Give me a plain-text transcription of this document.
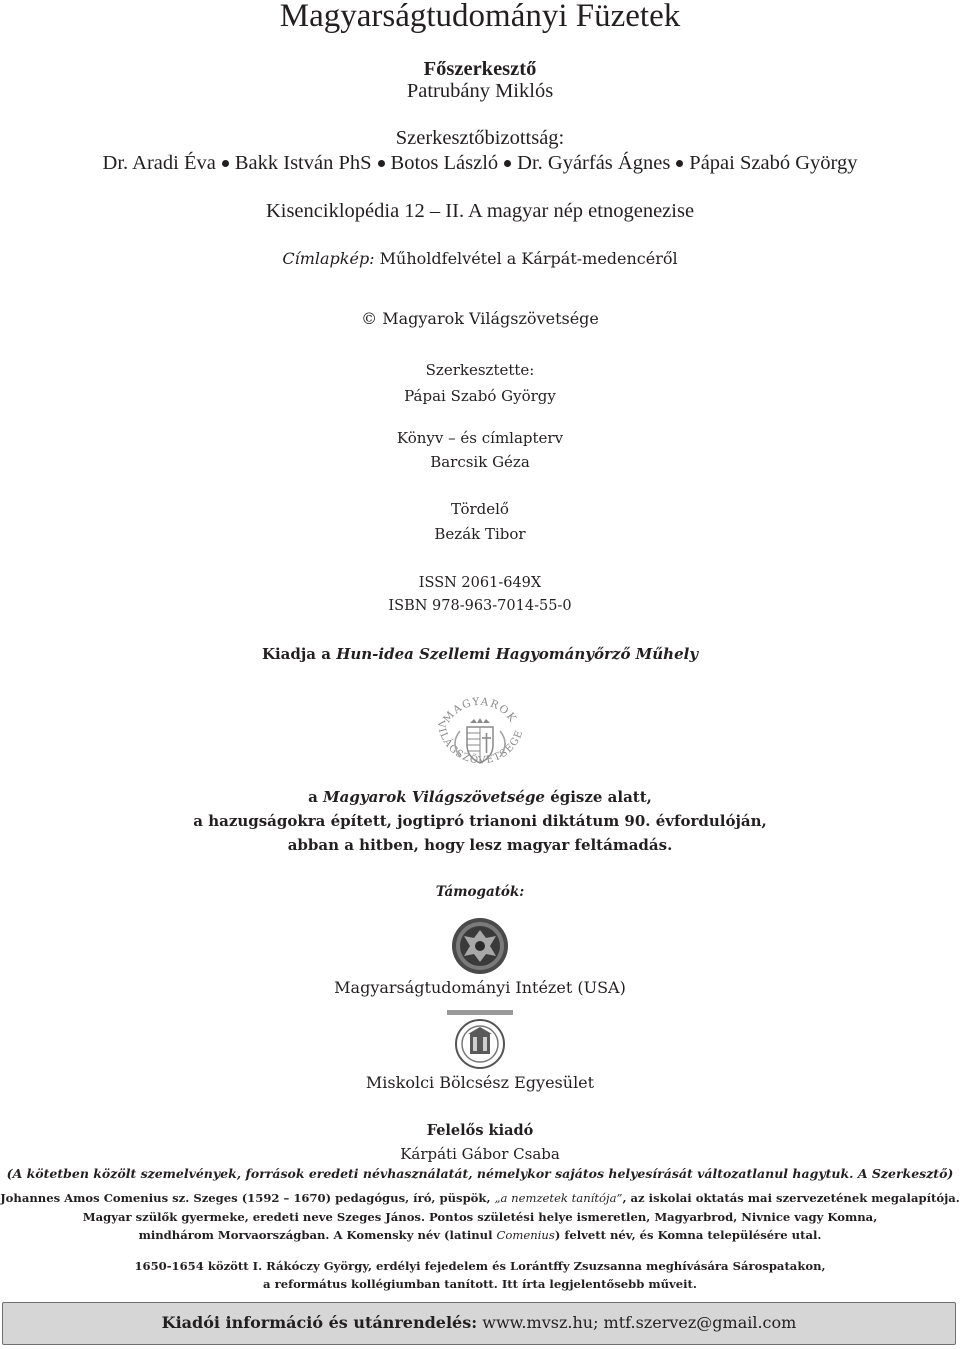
Magyarságtudományi Füzetek
Főszerkesztő
Patrubány Miklós
Szerkesztőbizottság:
Dr. Aradi Éva Bakk István PhS Botos László Dr. Gyárfás Ágnes Pápai Szabó György
Kisenciklopédia 12 – II. A magyar nép etnogenezise
Címlapkép: Műholdfelvétel a Kárpát-medencéről
© Magyarok Világszövetsége
Szerkesztette:
Pápai Szabó György
Könyv – és címlapterv
Barcsik Géza
Tördelő
Bezák Tibor
ISSN 2061-649X
ISBN 978-963-7014-55-0
Kiadja a Hun-idea Szellemi Hagyományőrző Műhely
MAGYAROK
VILÁGSZÖVETSÉGE
a Magyarok Világszövetsége égisze alatt,
a hazugságokra épített, jogtipró trianoni diktátum 90. évfordulóján,
abban a hitben, hogy lesz magyar feltámadás.
Támogatók:
Magyarságtudományi Intézet (USA)
Miskolci Bölcsész Egyesület
Felelős kiadó
Kárpáti Gábor Csaba
(A kötetben közölt szemelvények, források eredeti névhasználatát, némelykor sajátos helyesírását változatlanul hagytuk. A Szerkesztő)
Johannes Amos Comenius sz. Szeges (1592 – 1670) pedagógus, író, püspök, „a nemzetek tanítója”, az iskolai oktatás mai szervezetének megalapítója.
Magyar szülők gyermeke, eredeti neve Szeges János. Pontos születési helye ismeretlen, Magyarbrod, Nivnice vagy Komna,
mindhárom Morvaországban. A Komensky név (latinul Comenius) felvett név, és Komna településére utal.
1650-1654 között I. Rákóczy György, erdélyi fejedelem és Lorántffy Zsuzsanna meghívására Sárospatakon,
a református kollégiumban tanított. Itt írta legjelentősebb műveit.
Kiadói információ és utánrendelés: www.mvsz.hu; mtf.szervez@gmail.com
